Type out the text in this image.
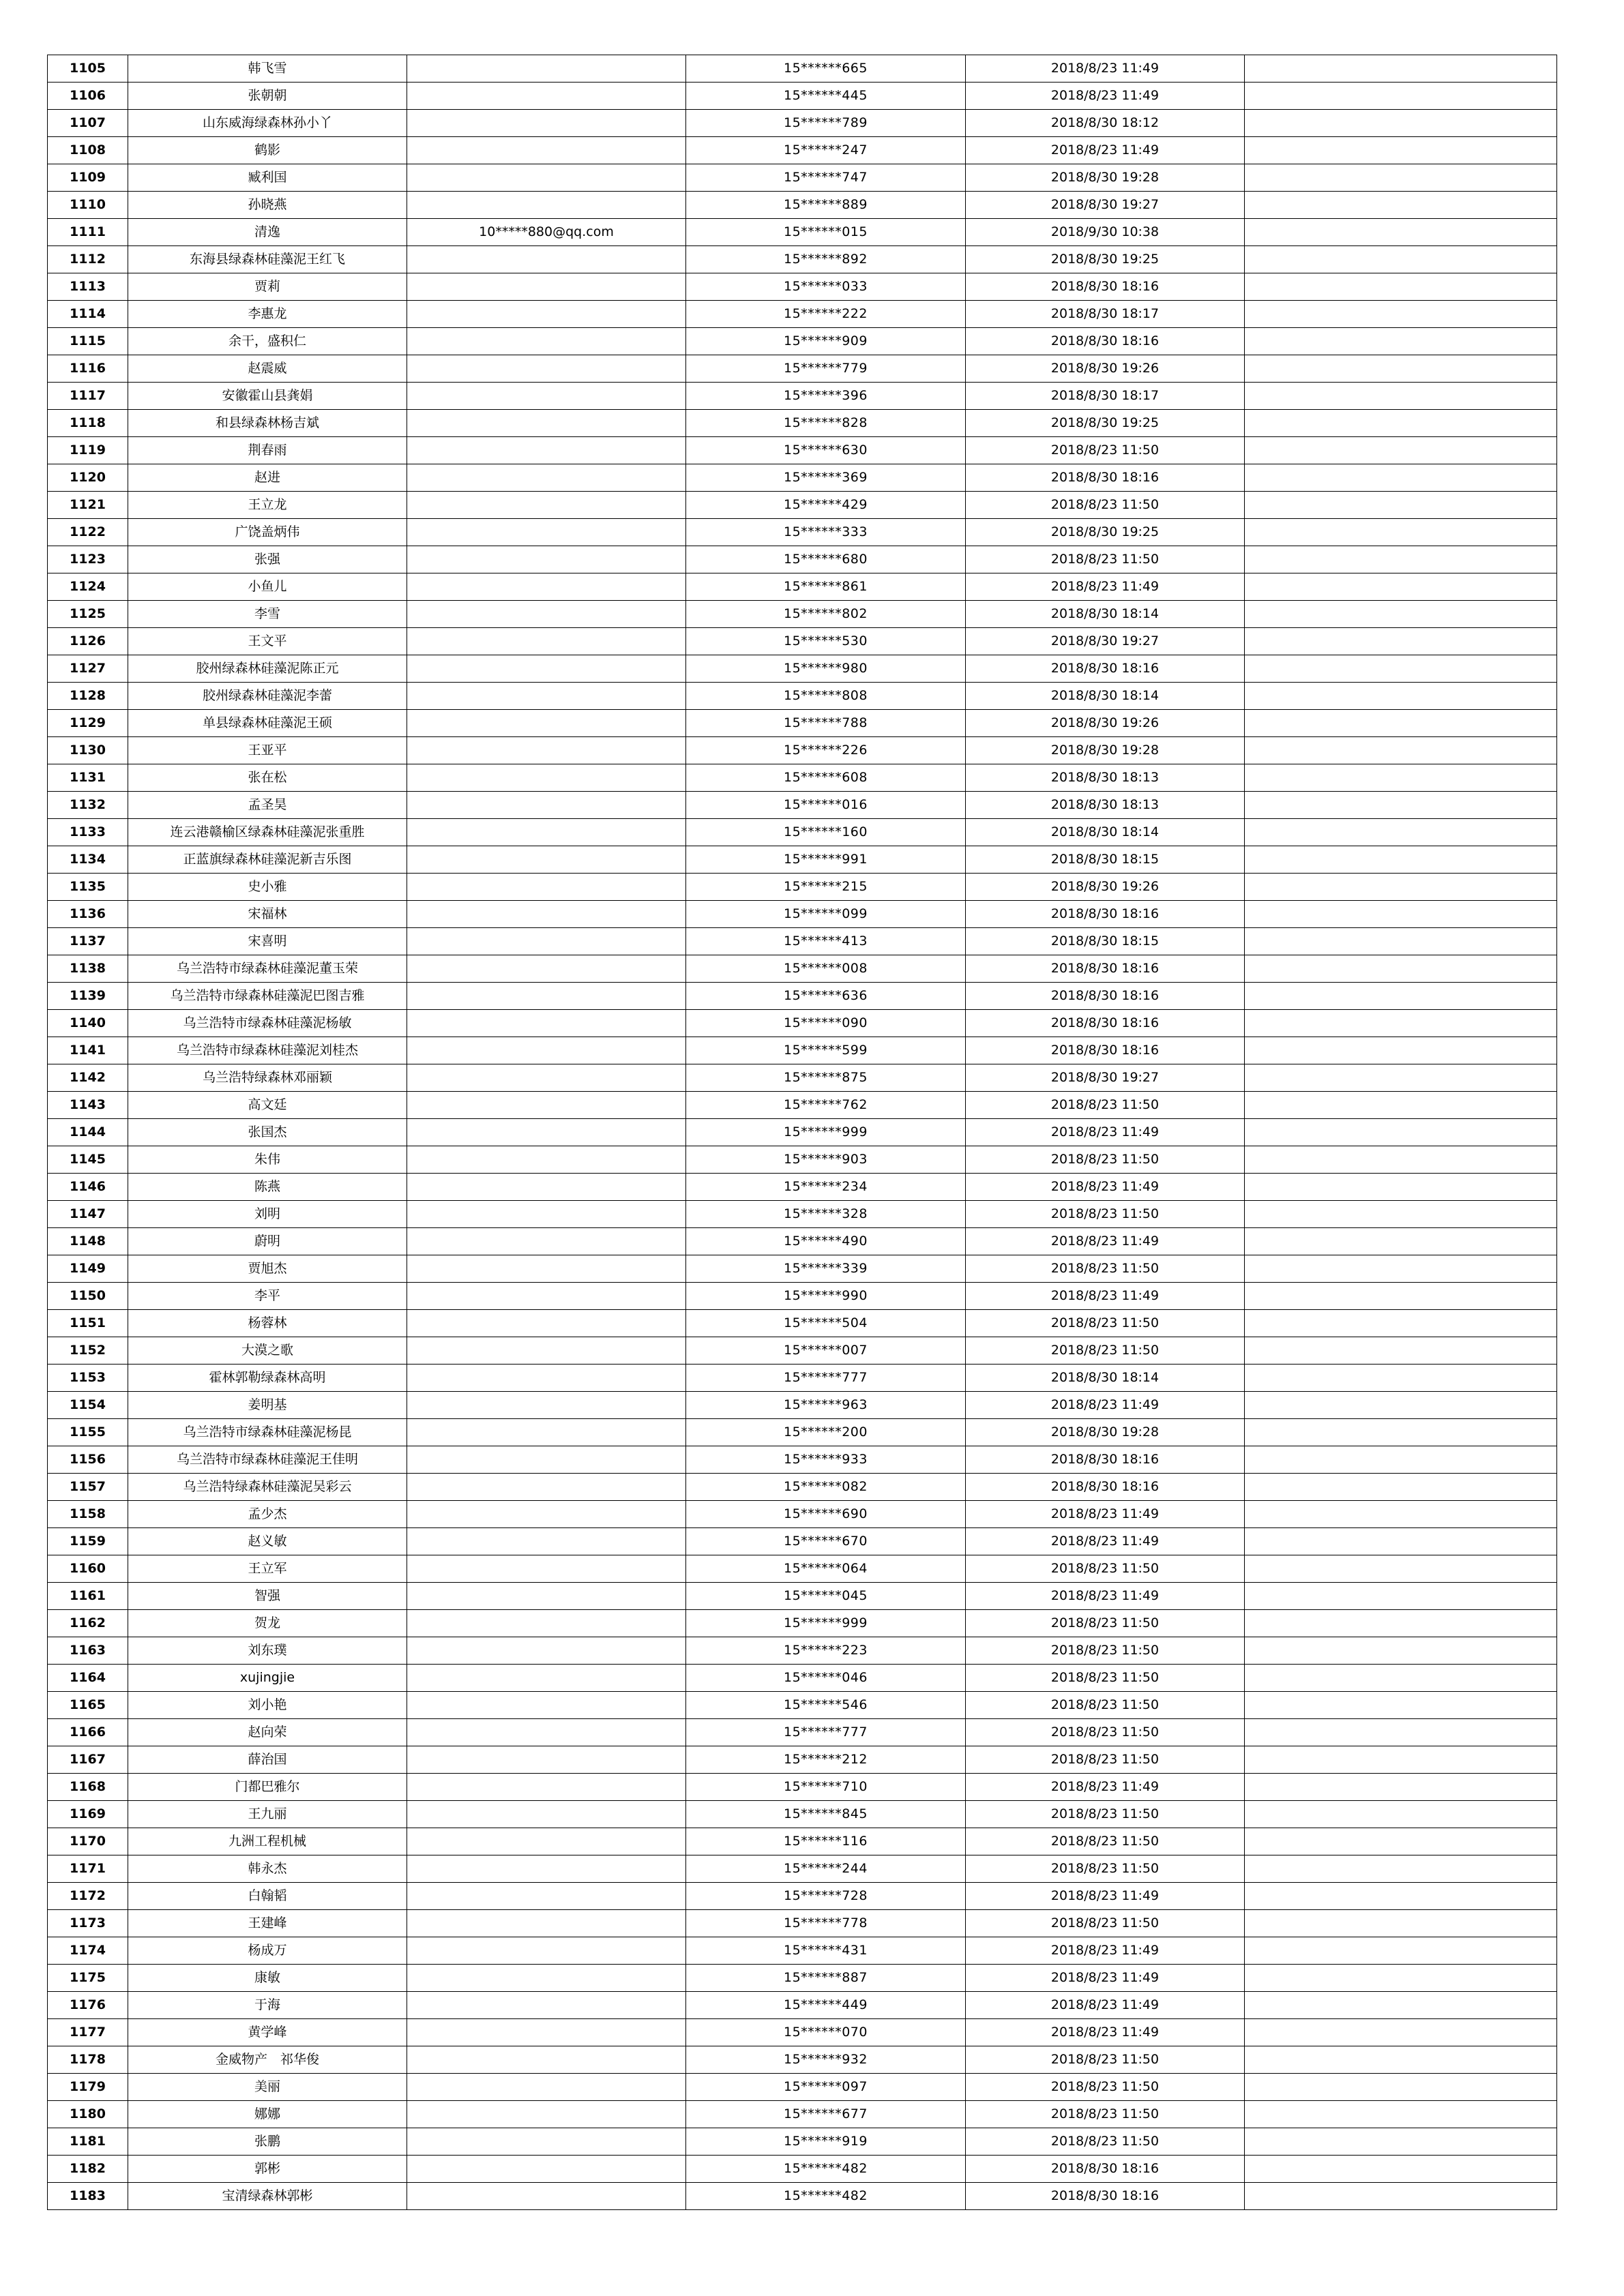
1105	韩飞雪		15******665	2018/8/23 11:49	
1106	张朝朝		15******445	2018/8/23 11:49	
1107	山东威海绿森林孙小丫		15******789	2018/8/30 18:12	
1108	鹤影		15******247	2018/8/23 11:49	
1109	臧利国		15******747	2018/8/30 19:28	
1110	孙晓燕		15******889	2018/8/30 19:27	
1111	清逸	10*****880@qq.com	15******015	2018/9/30 10:38	
1112	东海县绿森林硅藻泥王红飞		15******892	2018/8/30 19:25	
1113	贾莉		15******033	2018/8/30 18:16	
1114	李惠龙		15******222	2018/8/30 18:17	
1115	余干，盛积仁		15******909	2018/8/30 18:16	
1116	赵震威		15******779	2018/8/30 19:26	
1117	安徽霍山县龚娟		15******396	2018/8/30 18:17	
1118	和县绿森林杨吉斌		15******828	2018/8/30 19:25	
1119	荆春雨		15******630	2018/8/23 11:50	
1120	赵进		15******369	2018/8/30 18:16	
1121	王立龙		15******429	2018/8/23 11:50	
1122	广饶盖炳伟		15******333	2018/8/30 19:25	
1123	张强		15******680	2018/8/23 11:50	
1124	小鱼儿		15******861	2018/8/23 11:49	
1125	李雪		15******802	2018/8/30 18:14	
1126	王文平		15******530	2018/8/30 19:27	
1127	胶州绿森林硅藻泥陈正元		15******980	2018/8/30 18:16	
1128	胶州绿森林硅藻泥李蕾		15******808	2018/8/30 18:14	
1129	单县绿森林硅藻泥王硕		15******788	2018/8/30 19:26	
1130	王亚平		15******226	2018/8/30 19:28	
1131	张在松		15******608	2018/8/30 18:13	
1132	孟圣昊		15******016	2018/8/30 18:13	
1133	连云港赣榆区绿森林硅藻泥张重胜		15******160	2018/8/30 18:14	
1134	正蓝旗绿森林硅藻泥新吉乐图		15******991	2018/8/30 18:15	
1135	史小雅		15******215	2018/8/30 19:26	
1136	宋福林		15******099	2018/8/30 18:16	
1137	宋喜明		15******413	2018/8/30 18:15	
1138	乌兰浩特市绿森林硅藻泥董玉荣		15******008	2018/8/30 18:16	
1139	乌兰浩特市绿森林硅藻泥巴图吉雅		15******636	2018/8/30 18:16	
1140	乌兰浩特市绿森林硅藻泥杨敏		15******090	2018/8/30 18:16	
1141	乌兰浩特市绿森林硅藻泥刘桂杰		15******599	2018/8/30 18:16	
1142	乌兰浩特绿森林邓丽颖		15******875	2018/8/30 19:27	
1143	高文廷		15******762	2018/8/23 11:50	
1144	张国杰		15******999	2018/8/23 11:49	
1145	朱伟		15******903	2018/8/23 11:50	
1146	陈燕		15******234	2018/8/23 11:49	
1147	刘明		15******328	2018/8/23 11:50	
1148	蔚明		15******490	2018/8/23 11:49	
1149	贾旭杰		15******339	2018/8/23 11:50	
1150	李平		15******990	2018/8/23 11:49	
1151	杨蓉林		15******504	2018/8/23 11:50	
1152	大漠之歌		15******007	2018/8/23 11:50	
1153	霍林郭勒绿森林高明		15******777	2018/8/30 18:14	
1154	姜明基		15******963	2018/8/23 11:49	
1155	乌兰浩特市绿森林硅藻泥杨昆		15******200	2018/8/30 19:28	
1156	乌兰浩特市绿森林硅藻泥王佳明		15******933	2018/8/30 18:16	
1157	乌兰浩特绿森林硅藻泥吴彩云		15******082	2018/8/30 18:16	
1158	孟少杰		15******690	2018/8/23 11:49	
1159	赵义敏		15******670	2018/8/23 11:49	
1160	王立军		15******064	2018/8/23 11:50	
1161	智强		15******045	2018/8/23 11:49	
1162	贺龙		15******999	2018/8/23 11:50	
1163	刘东璞		15******223	2018/8/23 11:50	
1164	xujingjie		15******046	2018/8/23 11:50	
1165	刘小艳		15******546	2018/8/23 11:50	
1166	赵向荣		15******777	2018/8/23 11:50	
1167	薛治国		15******212	2018/8/23 11:50	
1168	门都巴雅尔		15******710	2018/8/23 11:49	
1169	王九丽		15******845	2018/8/23 11:50	
1170	九洲工程机械		15******116	2018/8/23 11:50	
1171	韩永杰		15******244	2018/8/23 11:50	
1172	白翰韬		15******728	2018/8/23 11:49	
1173	王建峰		15******778	2018/8/23 11:50	
1174	杨成万		15******431	2018/8/23 11:49	
1175	康敏		15******887	2018/8/23 11:49	
1176	于海		15******449	2018/8/23 11:49	
1177	黄学峰		15******070	2018/8/23 11:49	
1178	金威物产　祁华俊		15******932	2018/8/23 11:50	
1179	美丽		15******097	2018/8/23 11:50	
1180	娜娜		15******677	2018/8/23 11:50	
1181	张鹏		15******919	2018/8/23 11:50	
1182	郭彬		15******482	2018/8/30 18:16	
1183	宝清绿森林郭彬		15******482	2018/8/30 18:16	
